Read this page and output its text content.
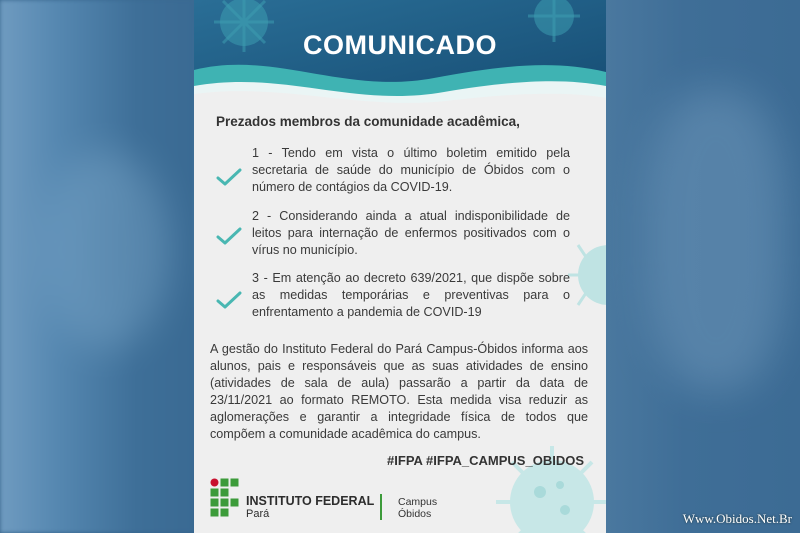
COMUNICADO
Prezados membros da comunidade acadêmica,
1 - Tendo em vista o último boletim emitido pela secretaria de saúde do município de Óbidos com o número de contágios da COVID-19.
2 - Considerando ainda a atual indisponibilidade de leitos para internação de enfermos positivados com o vírus no município.
3 - Em atenção ao decreto 639/2021, que dispõe sobre as medidas temporárias e preventivas para o enfrentamento a pandemia de COVID-19
A gestão do Instituto Federal do Pará Campus-Óbidos informa aos alunos, pais e responsáveis que as suas atividades de ensino (atividades de sala de aula) passarão a partir da data de 23/11/2021 ao formato REMOTO. Esta medida visa reduzir as aglomerações e garantir a integridade física de todos que compõem a comunidade acadêmica do campus.
#IFPA #IFPA_CAMPUS_OBIDOS
INSTITUTO FEDERAL
Pará
Campus
Óbidos	Www.Obidos.Net.Br
